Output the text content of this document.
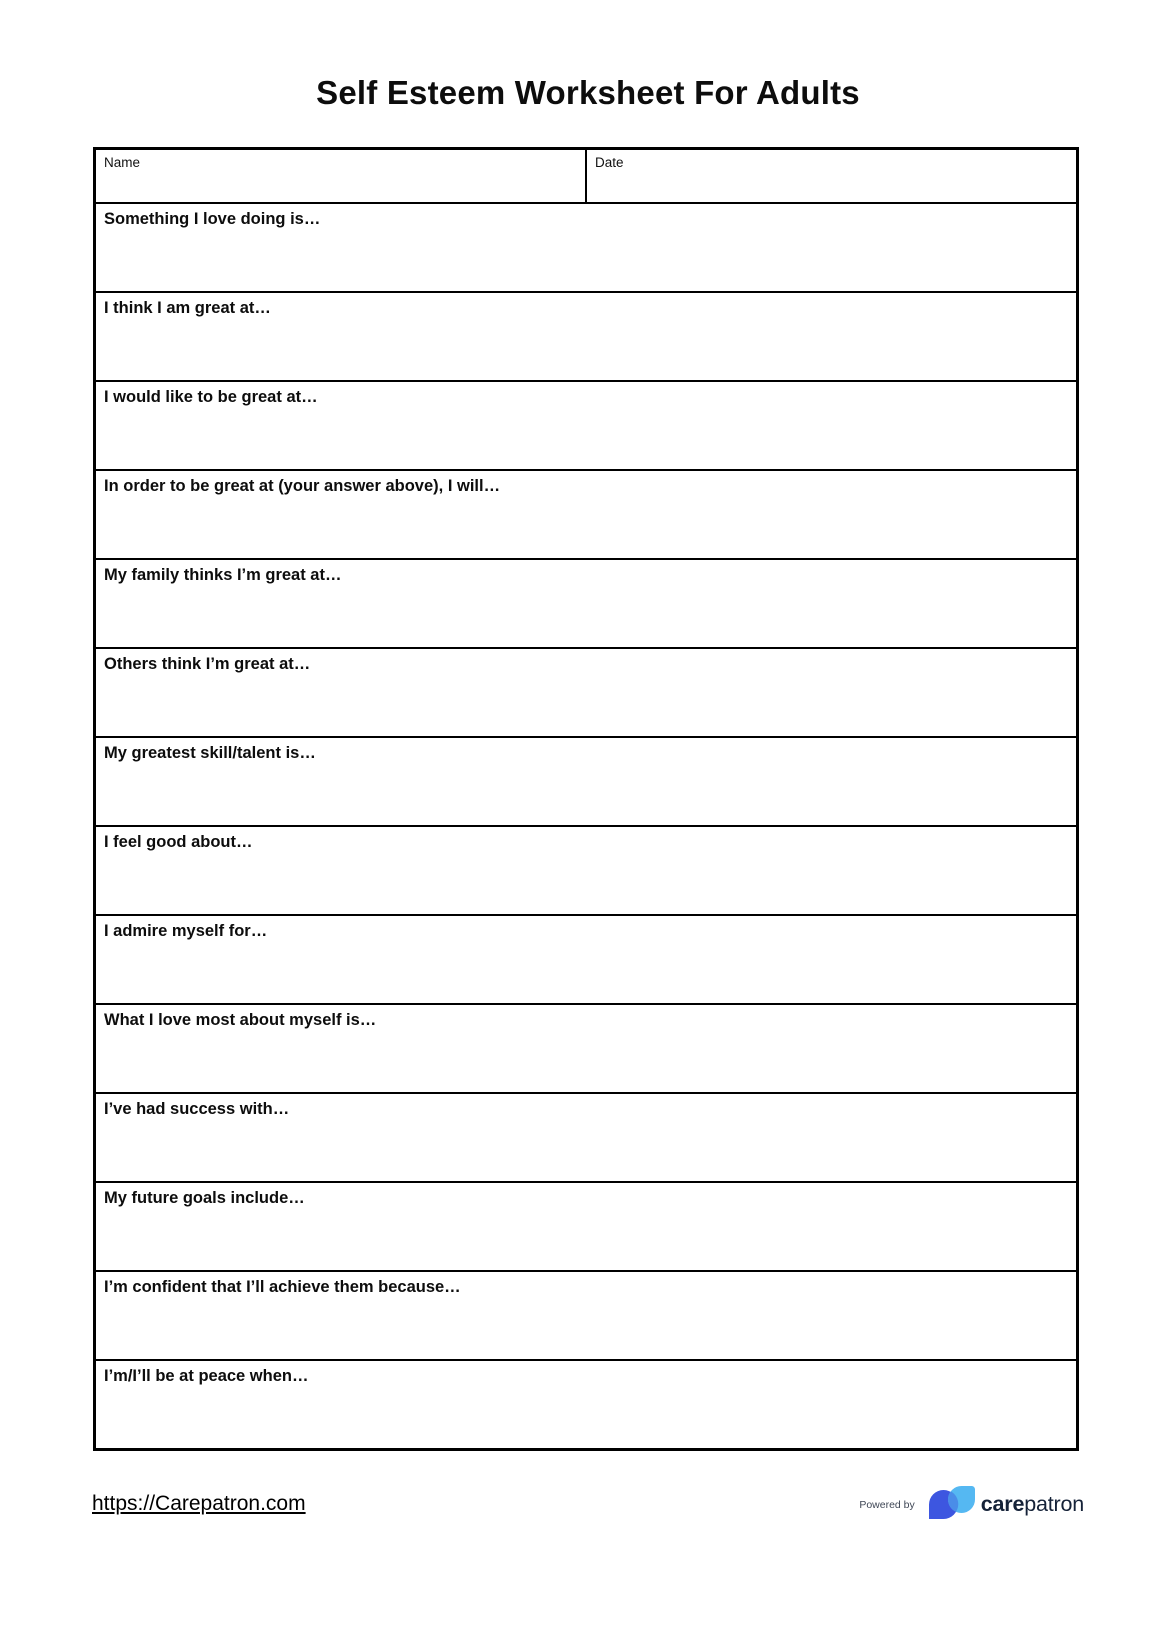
Self Esteem Worksheet For Adults
Name	Date

Something I love doing is…

I think I am great at…

I would like to be great at…

In order to be great at (your answer above), I will…

My family thinks I’m great at…

Others think I’m great at…

My greatest skill/talent is…

I feel good about…

I admire myself for…

What I love most about myself is…

I’ve had success with…

My future goals include…

I’m confident that I’ll achieve them because…

I’m/I’ll be at peace when…
https://Carepatron.com	Powered by	carepatron
